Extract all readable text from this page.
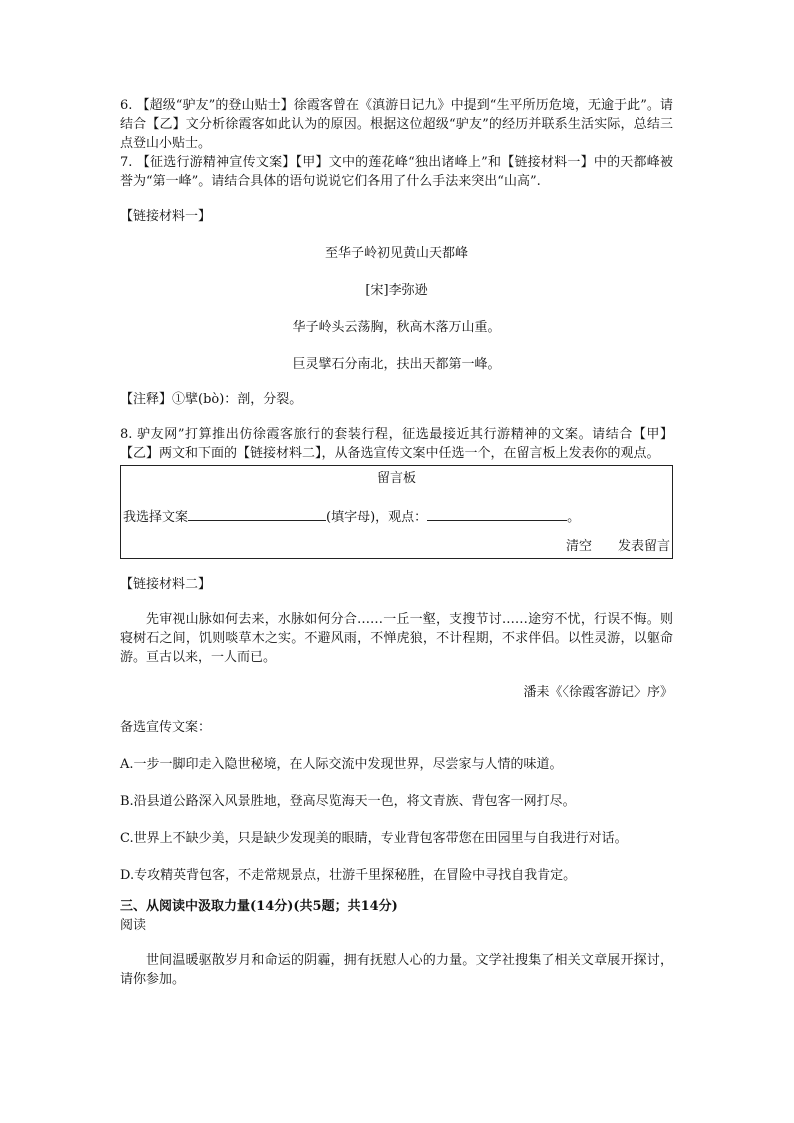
6. 【超级“驴友”的登山贴士】徐霞客曾在《滇游日记九》中提到“生平所历危境，无逾于此”。请结合【乙】文分析徐霞客如此认为的原因。根据这位超级“驴友”的经历并联系生活实际，总结三点登山小贴士。

7. 【征选行游精神宣传文案】【甲】文中的莲花峰“独出诸峰上”和【链接材料一】中的天都峰被誉为“第一峰”。请结合具体的语句说说它们各用了什么手法来突出“山高”.

【链接材料一】

至华子岭初见黄山天都峰

[宋]李弥逊

华子岭头云荡胸，秋高木落万山重。

巨灵擘石分南北，扶出天都第一峰。

【注释】①擘(bò)：剖，分裂。

8. 驴友网”打算推出仿徐霞客旅行的套装行程，征选最接近其行游精神的文案。请结合【甲】【乙】两文和下面的【链接材料二】，从备选宣传文案中任选一个，在留言板上发表你的观点。

留言板
我选择文案	(填字母)，观点：	。
清空 发表留言

【链接材料二】

先审视山脉如何去来，水脉如何分合……一丘一壑，支搜节讨……途穷不忧，行误不悔。则寝树石之间，饥则啖草木之实。不避风雨，不惮虎狼，不计程期，不求伴侣。以性灵游，以躯命游。亘古以来，一人而已。

潘耒《〈徐霞客游记〉序》

备选宣传文案：

A.一步一脚印走入隐世秘境，在人际交流中发现世界，尽尝家与人情的味道。

B.沿县道公路深入风景胜地，登高尽览海天一色，将文青族、背包客一网打尽。

C.世界上不缺少美，只是缺少发现美的眼睛，专业背包客带您在田园里与自我进行对话。

D.专攻精英背包客，不走常规景点，壮游千里探秘胜，在冒险中寻找自我肯定。

三、从阅读中汲取力量(14分)(共5题；共14分)

阅读

世间温暖驱散岁月和命运的阴霾，拥有抚慰人心的力量。文学社搜集了相关文章展开探讨，请你参加。
